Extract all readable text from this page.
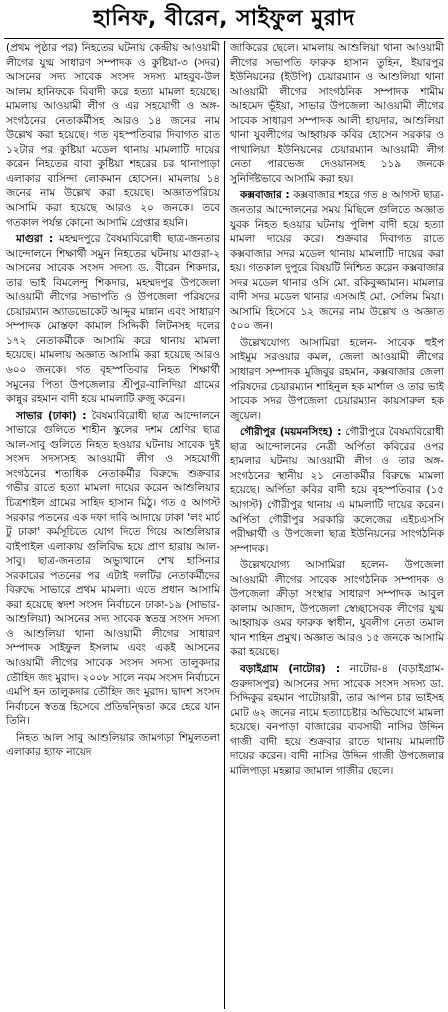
হানিফ, বীরেন, সাইফুল মুরাদ

(প্রথম পৃষ্ঠার পর) নিহতের ঘটনায় কেন্দ্রীয় আওয়ামী লীগের যুগ্ম সাধারণ সম্পাদক ও কুষ্টিয়া-৩ (সদর) আসনের সদ্য সাবেক সংসদ সদস্য মাহবুব-উল আলম হানিফকে বিবাদী করে হত্যা মামলা হয়েছে। মামলায় আওয়ামী লীগ ও এর সহযোগী ও অঙ্গ-সংগঠনের নেতাকর্মীসহ আরও ১৪ জনের নাম উল্লেখ করা হয়েছে। গত বৃহস্পতিবার দিবাগত রাত ১২টার পর কুষ্টিয়া মডেল থানায় মামলাটি দায়ের করেন নিহতের বাবা কুষ্টিয়া শহরের চর থানাপাড়া এলাকার বাসিন্দা লোকমান হোসেন। মামলায় ১৪ জনের নাম উল্লেখ করা হয়েছে। অজ্ঞাতপরিচয় আসামি করা হয়েছে আরও ২০ জনকে। তবে গতকাল পর্যন্ত কোনো আসামি গ্রেপ্তার হয়নি।

মাগুরা : মহম্মদপুরে বৈষম্যবিরোধী ছাত্র-জনতার আন্দোলনে শিক্ষার্থী সমুন নিহতের ঘটনায় মাগুরা-২ আসনের সাবেক সংসদ সদস্য ড. বীরেন শিকদার, তার ভাই বিমলেন্দু শিকদার, মহম্মদপুর উপজেলা আওয়ামী লীগের সভাপতি ও উপজেলা পরিষদের চেয়ারম্যান অ্যাডভোকেট আব্দুর মান্নান এবং সাধারণ সম্পাদক মোস্তফা কামাল সিদ্দিকী লিটনসহ দলের ১৭২ নেতাকর্মীকে আসামি করে থানায় মামলা হয়েছে। মামলায় অজ্ঞাত আসামি করা হয়েছে আরও ৬০০ জনকে। গত বৃহস্পতিবার নিহত শিক্ষার্থী সমুনের পিতা উপজেলার শ্রীপুর-বালিদিয়া গ্রামের কান্নুর রহমান বাদী হয়ে মামলাটি রুজু করেন।

সাভার (ঢাকা) : বৈষম্যবিরোধী ছাত্র আন্দোলনে সাভারে গুলিতে শাহীন স্কুলের দশম শ্রেণির ছাত্র আল-সাবু গুলিতে নিহত হওয়ার ঘটনায় সাবেক দুই সংসদ সদস্যসহ আওয়ামী লীগ ও সহযোগী সংগঠনের শতাধিক নেতাকর্মীর বিরুদ্ধে শুক্রবার গভীর রাতে হত্যা মামলা দায়ের করেন আশুলিয়ার চিত্রশাইল গ্রামের সাহিদ হাসান মিঠু। গত ৫ আগস্ট সরকার পতনের এক দফা দাবি আদায়ে ঢাকা 'লং মার্চ টু ঢাকা' কর্মসূচিতে যোগ দিতে গিয়ে আশুলিয়ার বাইপাইল এলাকায় গুলিবিদ্ধ হয়ে প্রাণ হারায় আল-সাবু। ছাত্র-জনতার অভ্যুত্থানে শেখ হাসিনার সরকারের পতনের পর এটাই দলটির নেতাকর্মীদের বিরুদ্ধে সাভারে প্রথম মামলা। এতে প্রধান আসামি করা হয়েছে স্বদশ সংসদ নির্বাচনে ঢাকা-১৯ (সাভার-আশুলিয়া) আসনের সদ্য সাবেক স্বতন্ত্র সংসদ সদস্য ও আশুলিয়া থানা আওয়ামী লীগের সাধারণ সম্পাদক সাইফুল ইসলাম এবং একই আসনের আওয়ামী লীগের সাবেক সংসদ সদস্য তালুকদার তৌহিদ জং মুরাদ। ২০০৮ সালে নবম সংসদ নির্বাচনে এমপি হন তালুকদার তৌহিদ জং মুরাদ। দ্বাদশ সংসদ নির্বাচনে স্বতন্ত্র হিসেবে প্রতিদ্বন্দ্বিতা করে হেরে যান তিনি।

নিহত আল সাবু আশুলিয়ার জামগড়া শিমুলতলা এলাকার হ্যাফ নায়েদ

জাকিরের ছেলে। মামলায় আশুলিয়া থানা আওয়ামী লীগের সভাপতি ফারুক হাসান তুহিন, ইয়ারপুর ইউনিয়নের (ইউপি) চেয়ারম্যান ও আশুলিয়া থানা আওয়ামী লীগের সাংগঠনিক সম্পাদক শামীম আহমেদ ভূঁইয়া, সাভার উপজেলা আওয়ামী লীগের সাবেক সাধারণ সম্পাদক আলী হায়দার, আশুলিয়া থানা যুবলীগের আহ্বায়ক কবির হোসেন সরকার ও পাথালিয়া ইউনিয়নের চেয়ারম্যান আওয়ামী লীগ নেতা পারভেজ দেওয়ানসহ ১১৯ জনকে সুনির্দিষ্টভাবে আসামি করা হয়।

কক্সবাজার : কক্সবাজার শহরে গত ৪ আগস্ট ছাত্র-জনতার আন্দোলনের সময় মিছিলে গুলিতে অজ্ঞাত যুবক নিহত হওয়ার ঘটনায় পুলিশ বাদী হয়ে হত্যা মামলা দায়ের করে। শুক্রবার দিবাগত রাতে কক্সবাজার সদর মডেল থানায় মামলাটি দায়ের করা হয়। গতকাল দুপুরে বিষয়টি নিশ্চিত করেন কক্সবাজার সদর মডেল থানার ওসি মো. রকিবুজ্জামান। মামলার বাদী সদর মডেল থানার এসআই মো. সেলিম মিয়া। আসামি হিসেবে ১২ জনের নাম উল্লেখ ও অজ্ঞাত ৫০০ জন।

উল্লেখযোগ্য আসামিরা হলেন- সাবেক হুইপ সাইমুম সরওয়ার কমল, জেলা আওয়ামী লীগের সাধারণ সম্পাদক মুজিবুর রহমান, কক্সবাজার জেলা পরিষদের চেয়ারম্যান শাহিনুল হক মার্শাল ও তার ভাই সাবেক সদর উপজেলা চেয়ারম্যান কায়সারুল হক জুয়েল।

গৌরীপুর (ময়মনসিংহ) : গৌরীপুরে বৈষম্যবিরোধী ছাত্র আন্দোলনের নেত্রী অর্পিতা কবিরের ওপর হামলার ঘটনায় আওয়ামী লীগ ও তার অঙ্গ-সংগঠনের স্থানীয় ২১ নেতাকর্মীর বিরুদ্ধে মামলা হয়েছে। অর্পিতা কবির বাদী হয়ে বৃহস্পতিবার (১৫ আগস্ট) গৌরীপুর থানায় এ মামলাটি দায়ের করেন। অর্পিতা গৌরীপুর সরকারি কলেজের এইচএসসি পরীক্ষার্থী ও উপজেলা ছাত্র ইউনিয়নের সাংগঠনিক সম্পাদক।

উল্লেখযোগ্য আসামিরা হলেন- উপজেলা আওয়ামী লীগের সাবেক সাংগঠনিক সম্পাদক ও উপজেলা ক্রীড়া সংস্থার সাধারণ সম্পাদক আবুল কালাম আজাদ, উপজেলা স্বেচ্ছাসেবক লীগের যুগ্ম আহ্বায়ক ওমর ফারুক স্বাধীন, যুবলীগ নেতা তমাল খান শাহিন প্রমুখ। অজ্ঞাত আরও ১৫ জনকে আসামি করা হয়েছে।

বড়াইগ্রাম (নাটোর) : নাটোর-৪ (বড়াইগ্রাম-গুরুদাসপুর) আসনের সদ্য সাবেক সংসদ সদস্য ডা. সিদ্দিকুর রহমান পাটোয়ারী, তার আপন চার ভাইসহ মোট ৬২ জনের নামে হত্যাচেষ্টার অভিযোগে মামলা হয়েছে। বনপাড়া বাজারের ব্যবসায়ী নাসির উদ্দিন গাজী বাদী হয়ে শুক্রবার রাতে থানায় মামলাটি দায়ের করেন। বাদী নাসির উদ্দিন গাজী উপজেলার মালিপাড়া মহল্লার জামাল গাজীর ছেলে।
